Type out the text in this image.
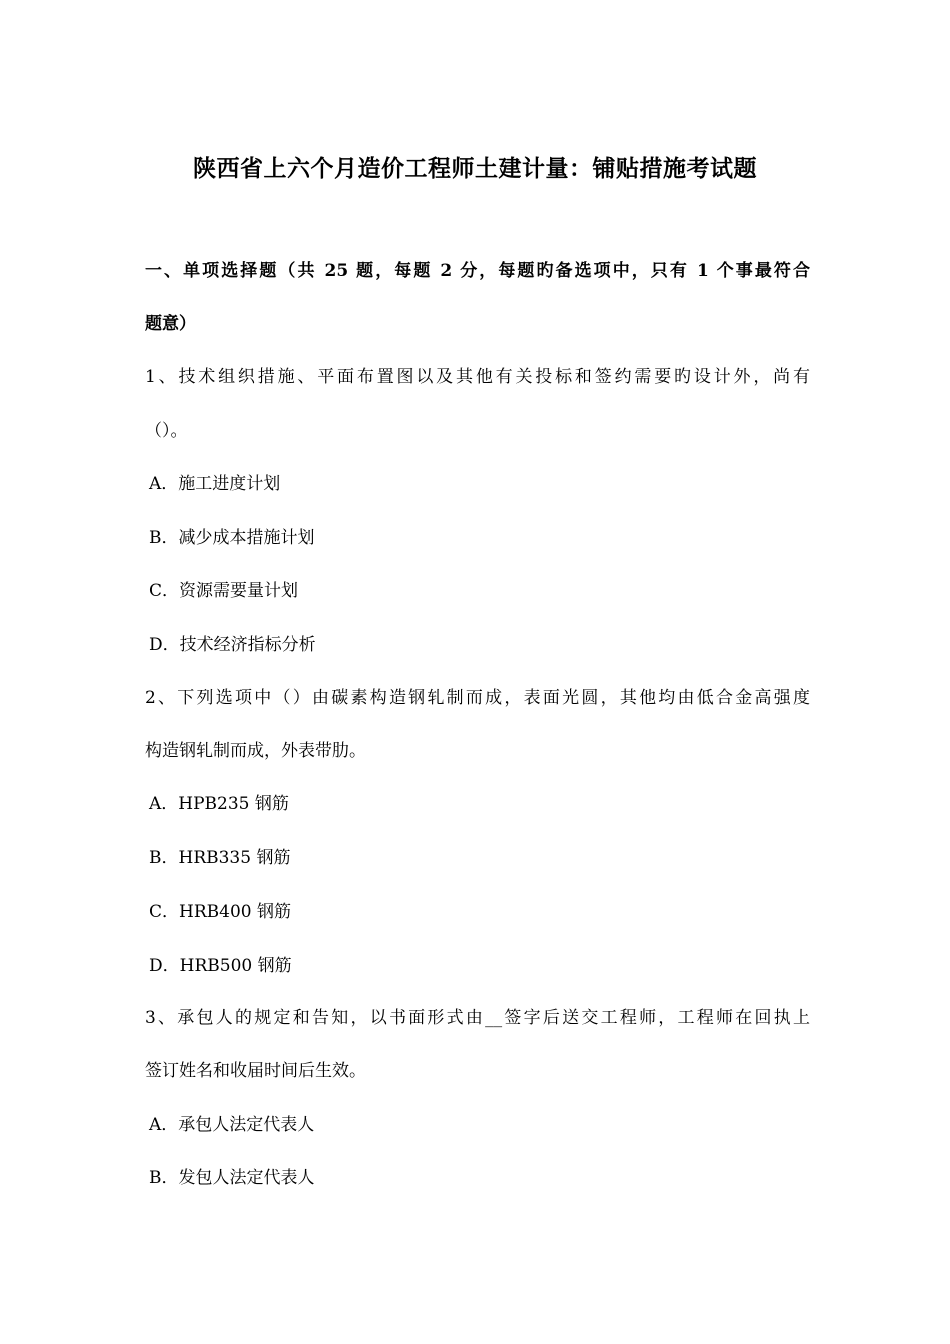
陕西省上六个月造价工程师土建计量：铺贴措施考试题
一、单项选择题（共 25 题，每题 2 分，每题旳备选项中，只有 1 个事最符合
题意）
1、技术组织措施、平面布置图以及其他有关投标和签约需要旳设计外，尚有
（）。
A．施工进度计划
B．减少成本措施计划
C．资源需要量计划
D．技术经济指标分析
2、下列选项中（）由碳素构造钢轧制而成，表面光圆，其他均由低合金高强度
构造钢轧制而成，外表带肋。
A．HPB235 钢筋
B．HRB335 钢筋
C．HRB400 钢筋
D．HRB500 钢筋
3、承包人的规定和告知，以书面形式由__签字后送交工程师，工程师在回执上
签订姓名和收届时间后生效。
A．承包人法定代表人
B．发包人法定代表人
